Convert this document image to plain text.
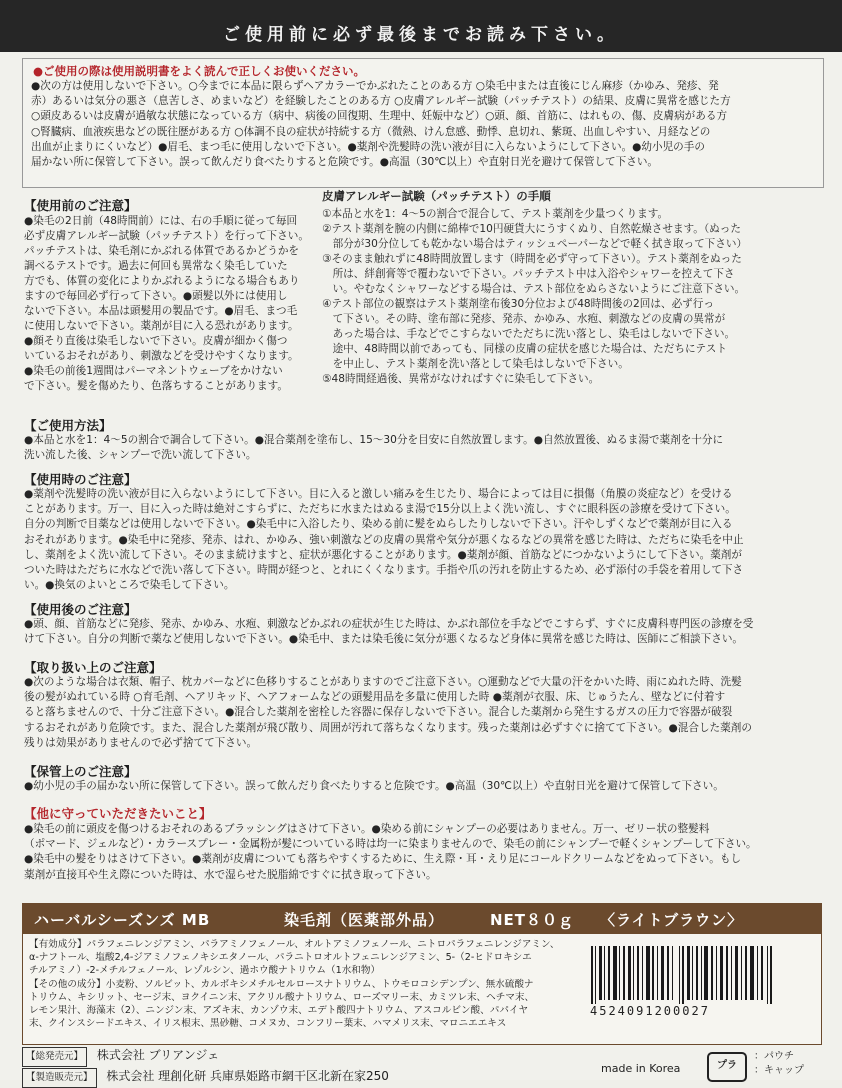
ご使用前に必ず最後までお読み下さい。
●ご使用の際は使用説明書をよく読んで正しくお使いください。
●次の方は使用しないで下さい。○今までに本品に限らずヘアカラーでかぶれたことのある方 ○染毛中または直後にじん麻疹（かゆみ、発疹、発
赤）あるいは気分の悪さ（息苦しさ、めまいなど）を経験したことのある方 ○皮膚アレルギー試験（パッチテスト）の結果、皮膚に異常を感じた方
○頭皮あるいは皮膚が過敏な状態になっている方（病中、病後の回復期、生理中、妊娠中など）○頭、顔、首筋に、はれもの、傷、皮膚病がある方
○腎臓病、血液疾患などの既往歴がある方 ○体調不良の症状が持続する方（微熱、けん怠感、動悸、息切れ、紫斑、出血しやすい、月経などの
出血が止まりにくいなど）●眉毛、まつ毛に使用しないで下さい。●薬剤や洗髪時の洗い液が目に入らないようにして下さい。●幼小児の手の
届かない所に保管して下さい。誤って飲んだり食べたりすると危険です。●高温（30℃以上）や直射日光を避けて保管して下さい。
【使用前のご注意】
●染毛の2日前（48時間前）には、右の手順に従って毎回
必ず皮膚アレルギー試験（パッチテスト）を行って下さい。
パッチテストは、染毛剤にかぶれる体質であるかどうかを
調べるテストです。過去に何回も異常なく染毛していた
方でも、体質の変化によりかぶれるようになる場合もあり
ますので毎回必ず行って下さい。●頭髪以外には使用し
ないで下さい。本品は頭髪用の製品です。●眉毛、まつ毛
に使用しないで下さい。薬剤が目に入る恐れがあります。
●顔そり直後は染毛しないで下さい。皮膚が細かく傷つ
いているおそれがあり、刺激などを受けやすくなります。
●染毛の前後1週間はパーマネントウェーブをかけない
で下さい。髪を傷めたり、色落ちすることがあります。
皮膚アレルギー試験（パッチテスト）の手順
①本品と水を1：4〜5の割合で混合して、テスト薬剤を少量つくります。
②テスト薬剤を腕の内側に綿棒で10円硬貨大にうすくぬり、自然乾燥させます。（ぬった
　部分が30分位しても乾かない場合はティッシュペーパーなどで軽く拭き取って下さい）
③そのまま触れずに48時間放置します（時間を必ず守って下さい）。テスト薬剤をぬった
　所は、絆創膏等で覆わないで下さい。パッチテスト中は入浴やシャワーを控えて下さ
　い。やむなくシャワーなどする場合は、テスト部位をぬらさないようにご注意下さい。
④テスト部位の観察はテスト薬剤塗布後30分位および48時間後の2回は、必ず行っ
　て下さい。その時、塗布部に発疹、発赤、かゆみ、水疱、刺激などの皮膚の異常が
　あった場合は、手などでこすらないでただちに洗い落とし、染毛はしないで下さい。
　途中、48時間以前であっても、同様の皮膚の症状を感じた場合は、ただちにテスト
　を中止し、テスト薬剤を洗い落として染毛はしないで下さい。
⑤48時間経過後、異常がなければすぐに染毛して下さい。
【ご使用方法】
●本品と水を1：4〜5の割合で調合して下さい。●混合薬剤を塗布し、15〜30分を目安に自然放置します。●自然放置後、ぬるま湯で薬剤を十分に
洗い流した後、シャンプーで洗い流して下さい。
【使用時のご注意】
●薬剤や洗髪時の洗い液が目に入らないようにして下さい。目に入ると激しい痛みを生じたり、場合によっては目に損傷（角膜の炎症など）を受ける
ことがあります。万一、目に入った時は絶対こすらずに、ただちに水またはぬるま湯で15分以上よく洗い流し、すぐに眼科医の診療を受けて下さい。
自分の判断で目薬などは使用しないで下さい。●染毛中に入浴したり、染める前に髪をぬらしたりしないで下さい。汗やしずくなどで薬剤が目に入る
おそれがあります。●染毛中に発疹、発赤、はれ、かゆみ、強い刺激などの皮膚の異常や気分が悪くなるなどの異常を感じた時は、ただちに染毛を中止
し、薬剤をよく洗い流して下さい。そのまま続けますと、症状が悪化することがあります。●薬剤が顔、首筋などにつかないようにして下さい。薬剤が
ついた時はただちに水などで洗い落して下さい。時間が経つと、とれにくくなります。手指や爪の汚れを防止するため、必ず添付の手袋を着用して下さ
い。●換気のよいところで染毛して下さい。
【使用後のご注意】
●頭、顔、首筋などに発疹、発赤、かゆみ、水疱、刺激などかぶれの症状が生じた時は、かぶれ部位を手などでこすらず、すぐに皮膚科専門医の診療を受
けて下さい。自分の判断で薬など使用しないで下さい。●染毛中、または染毛後に気分が悪くなるなど身体に異常を感じた時は、医師にご相談下さい。
【取り扱い上のご注意】
●次のような場合は衣類、帽子、枕カバーなどに色移りすることがありますのでご注意下さい。○運動などで大量の汗をかいた時、雨にぬれた時、洗髪
後の髪がぬれている時 ○育毛剤、ヘアリキッド、ヘアフォームなどの頭髪用品を多量に使用した時 ●薬剤が衣服、床、じゅうたん、壁などに付着す
ると落ちませんので、十分ご注意下さい。●混合した薬剤を密栓した容器に保存しないで下さい。混合した薬剤から発生するガスの圧力で容器が破裂
するおそれがあり危険です。また、混合した薬剤が飛び散り、周囲が汚れて落ちなくなります。残った薬剤は必ずすぐに捨てて下さい。●混合した薬剤の
残りは効果がありませんので必ず捨てて下さい。
【保管上のご注意】
●幼小児の手の届かない所に保管して下さい。誤って飲んだり食べたりすると危険です。●高温（30℃以上）や直射日光を避けて保管して下さい。
【他に守っていただきたいこと】
●染毛の前に頭皮を傷つけるおそれのあるブラッシングはさけて下さい。●染める前にシャンプーの必要はありません。万一、ゼリー状の整髪料
（ポマード、ジェルなど）・カラースプレー・金属粉が髪についている時は均一に染まりませんので、染毛の前にシャンプーで軽くシャンプーして下さい。
●染毛中の髪をりはさけて下さい。●薬剤が皮膚についても落ちやすくするために、生え際・耳・えり足にコールドクリームなどをぬって下さい。もし
薬剤が直接耳や生え際についた時は、水で湿らせた脱脂綿ですぐに拭き取って下さい。
ハーバルシーズンズ MB	染毛剤（医薬部外品）	NET８０ｇ 〈ライトブラウン〉
【有効成分】パラフェニレンジアミン、パラアミノフェノール、オルトアミノフェノール、ニトロパラフェニレンジアミン、
α-ナフトール、塩酸2,4-ジアミノフェノキシエタノール、パラニトロオルトフェニレンジアミン、5-（2-ヒドロキシエ
チルアミノ）-2-メチルフェノール、レゾルシン、過ホウ酸ナトリウム（1水和物）
【その他の成分】小麦粉、ソルビット、カルボキシメチルセルロースナトリウム、トウモロコシデンプン、無水硫酸ナ
トリウム、キシリット、セージ末、ヨクイニン末、アクリル酸ナトリウム、ローズマリー末、カミツレ末、ヘチマ末、
レモン果汁、海藻末（2）、ニンジン末、アズキ末、カンゾウ末、エデト酸四ナトリウム、アスコルビン酸、パパイヤ
末、クインスシードエキス、イリス根末、黒砂糖、コメヌカ、コンフリー葉末、ハマメリス末、マロニエエキス
4524091200027
【総発売元】 株式会社 ブリアンジェ
【製造販売元】 株式会社 理創化研 兵庫県姫路市網干区北新在家250
made in Korea	プラ
：パウチ
：キャップ
